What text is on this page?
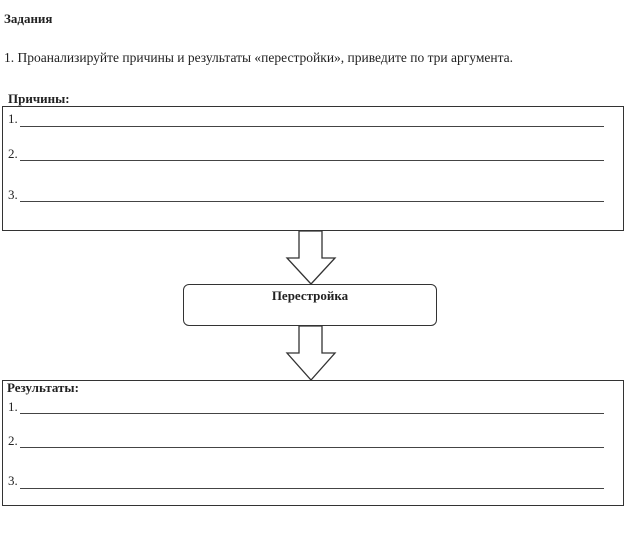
Задания
1. Проанализируйте причины и результаты «перестройки», приведите по три аргумента.
Причины:
1.
2.
3.
Перестройка
Результаты:
1.
2.
3.
